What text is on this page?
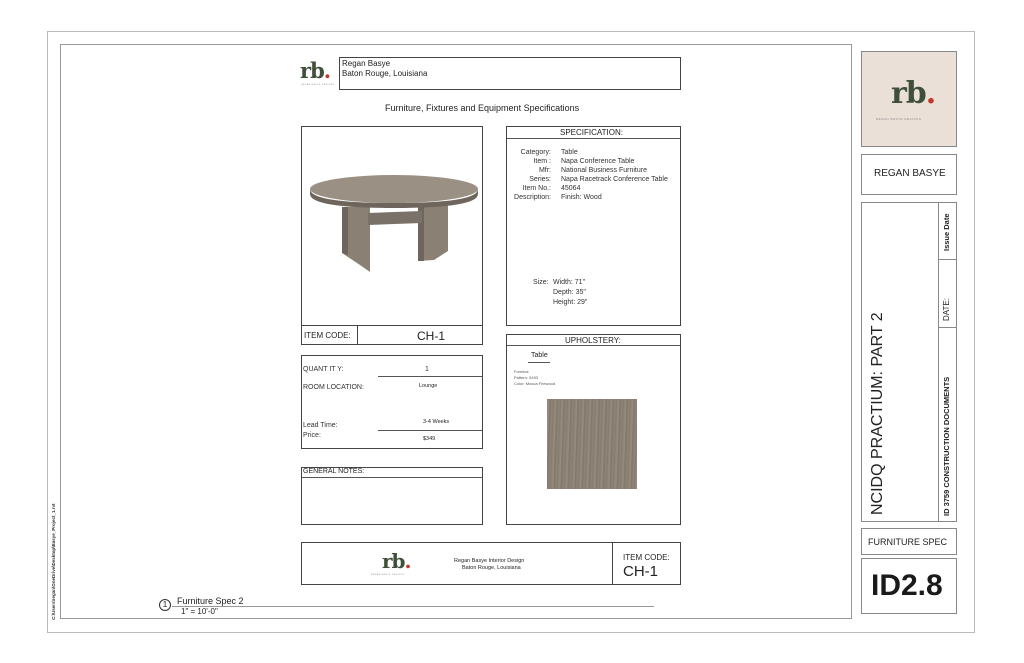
C:\Users\regan\OneDrive\Desktop\Basye_Project_1.rvt
rb.
REGAN BASYE DESIGNS
Regan Basye
Baton Rouge, Louisiana
Furniture, Fixtures and Equipment Specifications
ITEM CODE:	CH-1
SPECIFICATION:
Category: Table
Item : Napa Conference Table
Mfr: National Business Furniture
Series: Napa Racetrack Conference Table
Item No.: 45064
Description: Finish: Wood
Size: Width: 71"
Depth: 35"
Height: 29"
QUANT IT Y:	1
ROOM LOCATION:	Lounge
Lead Time:	3-4 Weeks
Price:	$349
GENERAL NOTES:
UPHOLSTERY:
Table
Formica
Pattern: 5493
Color: Mocca Firewood
rb.
REGAN BASYE DESIGNS
Regan Basye Interior Design
Baton Rouge, Louisiana
ITEM CODE:
CH-1
1	Furniture Spec 2
1" = 10'-0"
rb.
REGAN BASYE DESIGNS
REGAN BASYE
NCIDQ PRACTIUM: PART 2	ID 3759 CONSTRUCTION DOCUMENTS
DATE:
Issue Date
FURNITURE SPEC
ID2.8
